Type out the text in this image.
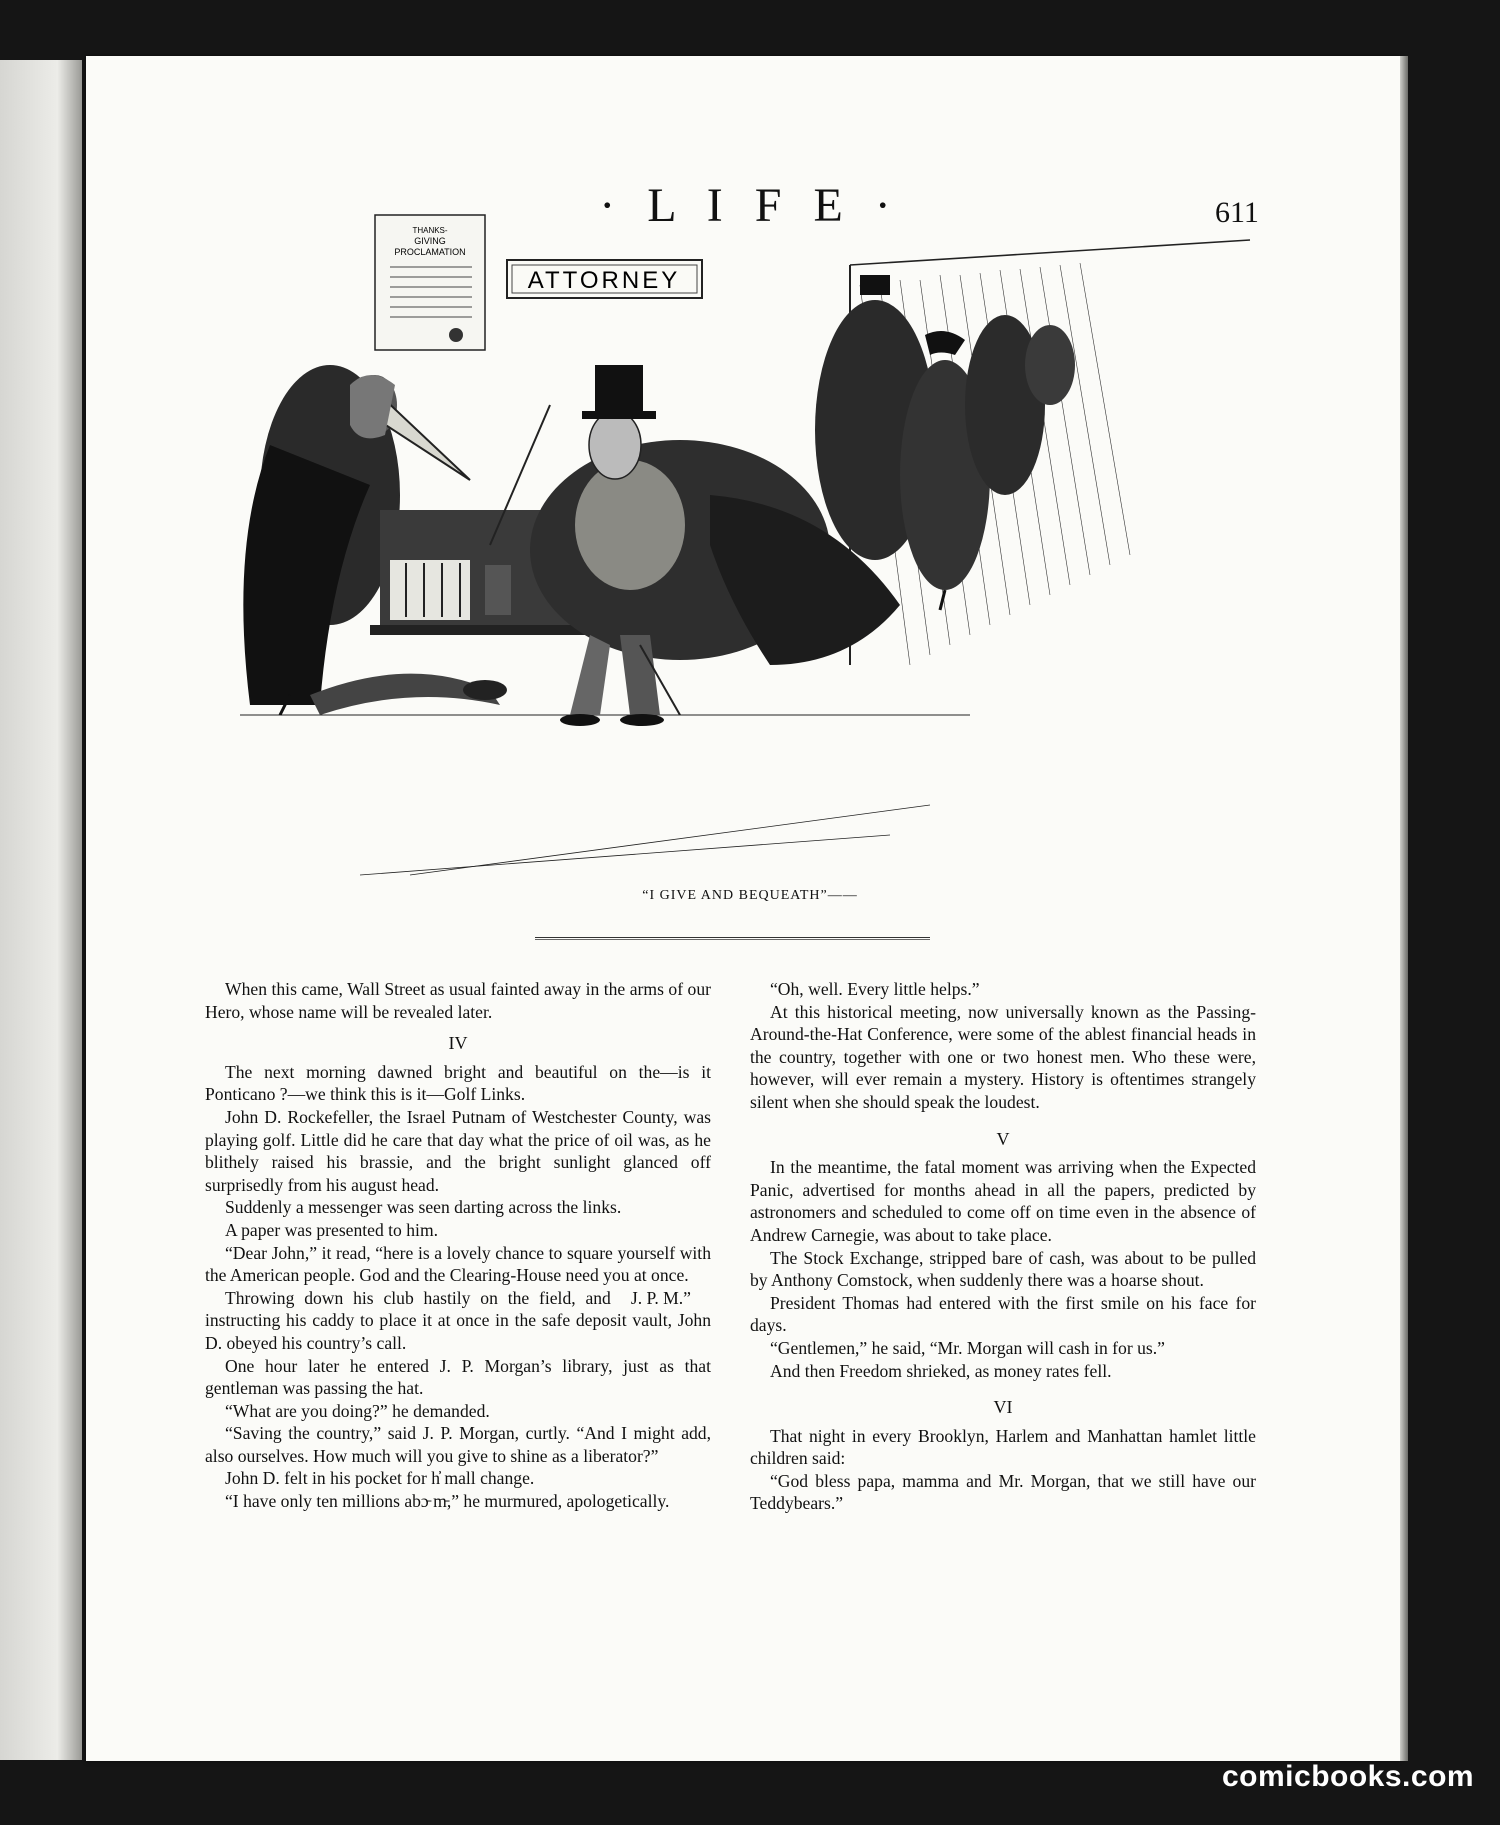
· L I F E ·	611
THANKS-
GIVING
PROCLAMATION
ATTORNEY
“I GIVE AND BEQUEATH”——

When this came, Wall Street as usual fainted away in the arms of our Hero, whose name will be revealed later.

IV

The next morning dawned bright and beautiful on the—is it Ponticano ?—we think this is it—Golf Links.

John D. Rockefeller, the Israel Putnam of Westchester County, was playing golf. Little did he care that day what the price of oil was, as he blithely raised his brassie, and the bright sunlight glanced off surprisedly from his august head.

Suddenly a messenger was seen darting across the links.

A paper was presented to him.

“Dear John,” it read, “here is a lovely chance to square yourself with the American people. God and the Clearing-House need you at once.
J. P. M.”

Throwing down his club hastily on the field, and instructing his caddy to place it at once in the safe deposit vault, John D. obeyed his country’s call.

One hour later he entered J. P. Morgan’s library, just as that gentleman was passing the hat.

“What are you doing?” he demanded.

“Saving the country,” said J. P. Morgan, curtly. “And I might add, also ourselves. How much will you give to shine as a liberator?”

John D. felt in his pocket for h̓ mall change.

“I have only ten millions abɔ̵ m̵,” he murmured, apologetically.

“Oh, well. Every little helps.”

At this historical meeting, now universally known as the Passing-Around-the-Hat Conference, were some of the ablest financial heads in the country, together with one or two honest men. Who these were, however, will ever remain a mystery. History is oftentimes strangely silent when she should speak the loudest.

V

In the meantime, the fatal moment was arriving when the Expected Panic, advertised for months ahead in all the papers, predicted by astronomers and scheduled to come off on time even in the absence of Andrew Carnegie, was about to take place.

The Stock Exchange, stripped bare of cash, was about to be pulled by Anthony Comstock, when suddenly there was a hoarse shout.

President Thomas had entered with the first smile on his face for days.

“Gentlemen,” he said, “Mr. Morgan will cash in for us.”

And then Freedom shrieked, as money rates fell.

VI

That night in every Brooklyn, Harlem and Manhattan hamlet little children said:

“God bless papa, mamma and Mr. Morgan, that we still have our Teddybears.”

comicbooks.com
